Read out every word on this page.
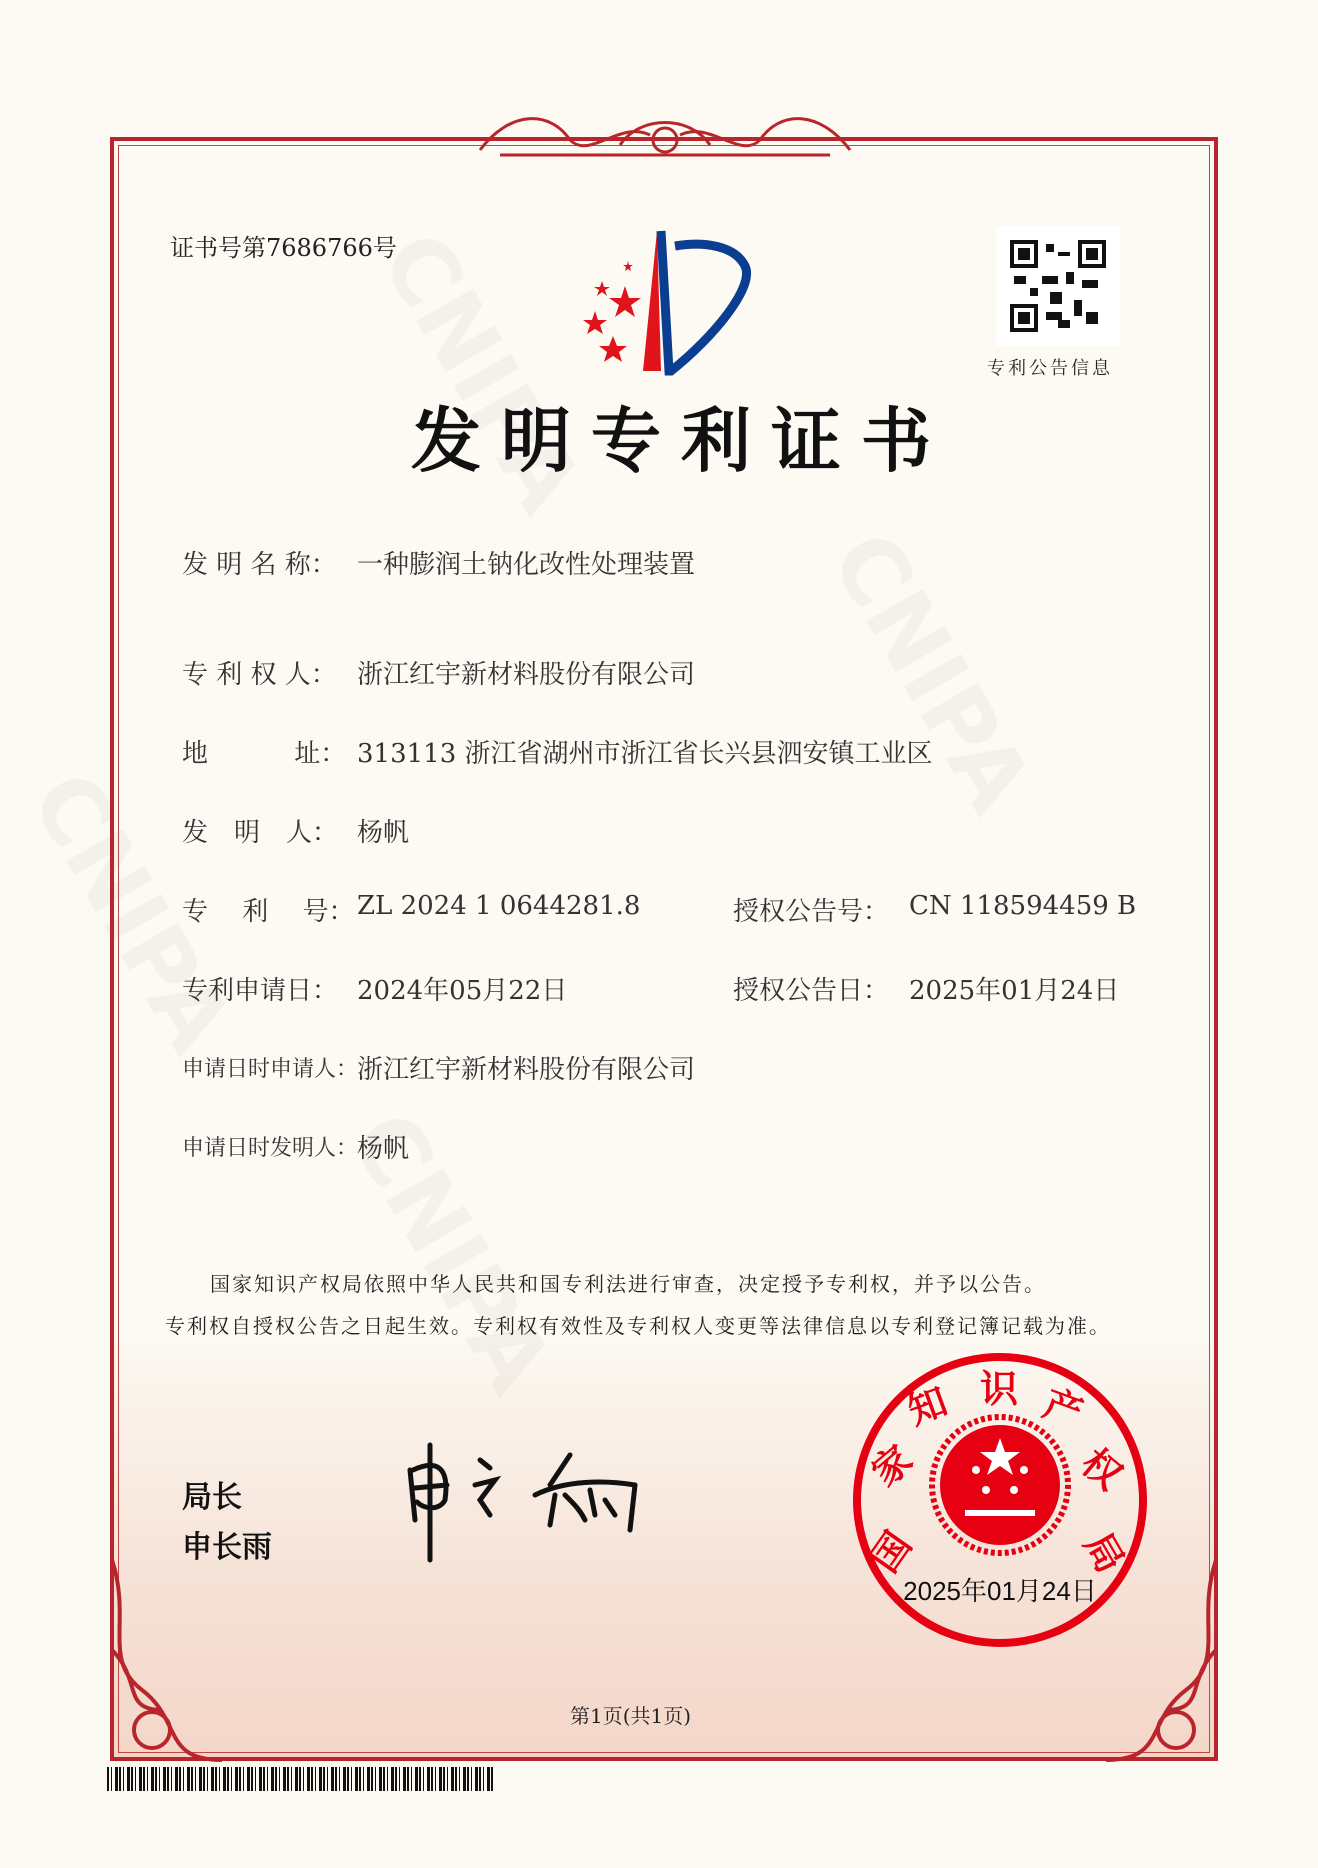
证书号第7686766号
专利公告信息
发明专利证书
发 明 名 称： 一种膨润土钠化改性处理装置
专 利 权 人： 浙江红宇新材料股份有限公司
地　　　 址： 313113 浙江省湖州市浙江省长兴县泗安镇工业区
发　明　人： 杨帆
专　 利　 号： ZL 2024 1 0644281.8
专利申请日： 2024年05月22日
申请日时申请人：
浙江红宇新材料股份有限公司
申请日时发明人：
杨帆
授权公告号： CN 118594459 B
授权公告日： 2025年01月24日
国家知识产权局依照中华人民共和国专利法进行审查，决定授予专利权，并予以公告。
专利权自授权公告之日起生效。专利权有效性及专利权人变更等法律信息以专利登记簿记载为准。
局长
申长雨	国
家
知 识 产
权
局
2025年01月24日
第1页(共1页)
